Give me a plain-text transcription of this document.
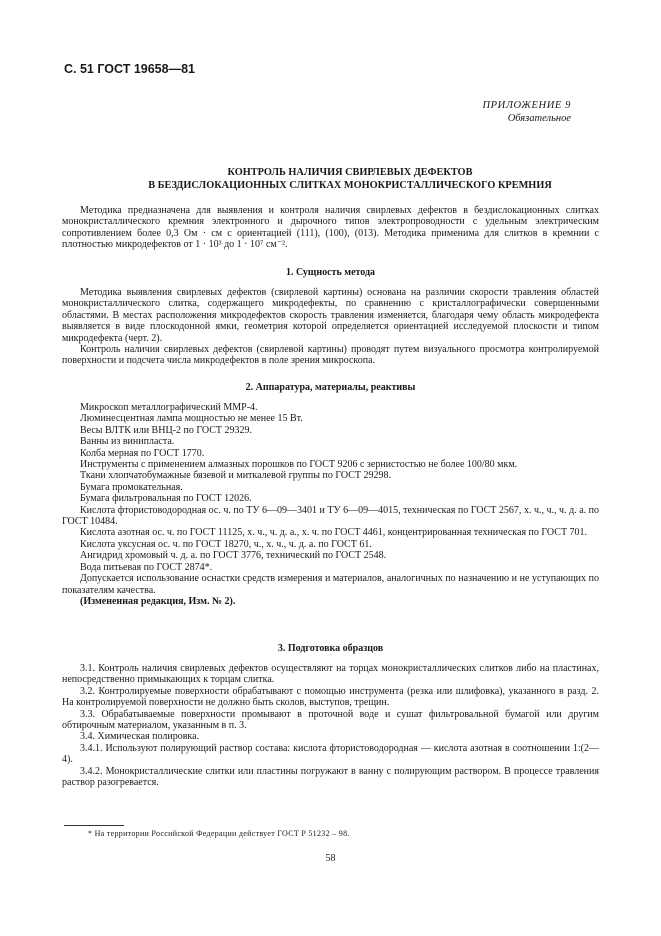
С. 51 ГОСТ 19658—81
ПРИЛОЖЕНИЕ 9
Обязательное
КОНТРОЛЬ НАЛИЧИЯ СВИРЛЕВЫХ ДЕФЕКТОВ
В БЕЗДИСЛОКАЦИОННЫХ СЛИТКАХ МОНОКРИСТАЛЛИЧЕСКОГО КРЕМНИЯ

Методика предназначена для выявления и контроля наличия свирлевых дефектов в бездислокационных слитках монокристаллического кремния электронного и дырочного типов электропроводности с удельным электрическим сопротивлением более 0,3 Ом · см с ориентацией (111), (100), (013). Методика применима для слитков в кремнии с плотностью микродефектов от 1 · 10³ до 1 · 10⁷ см⁻².

1. Сущность метода

Методика выявления свирлевых дефектов (свирлевой картины) основана на различии скорости травления областей монокристаллического слитка, содержащего микродефекты, по сравнению с кристаллографически совершенными областями. В местах расположения микродефектов скорость травления изменяется, благодаря чему область микродефекта выявляется в виде плоскодонной ямки, геометрия которой определяется ориентацией исследуемой плоскости и типом микродефекта (черт. 2).

Контроль наличия свирлевых дефектов (свирлевой картины) проводят путем визуального просмотра контролируемой поверхности и подсчета числа микродефектов в поле зрения микроскопа.

2. Аппаратура, материалы, реактивы

Микроскоп металлографический ММР-4.

Люминесцентная лампа мощностью не менее 15 Вт.

Весы ВЛТК или ВНЦ-2 по ГОСТ 29329.

Ванны из винипласта.

Колба мерная по ГОСТ 1770.

Инструменты с применением алмазных порошков по ГОСТ 9206 с зернистостью не более 100/80 мкм.

Ткани хлопчатобумажные бязевой и миткалевой группы по ГОСТ 29298.

Бумага промокательная.

Бумага фильтровальная по ГОСТ 12026.

Кислота фтористоводородная ос. ч. по ТУ 6—09—3401 и ТУ 6—09—4015, техническая по ГОСТ 2567, х. ч., ч., ч. д. а. по ГОСТ 10484.

Кислота азотная ос. ч. по ГОСТ 11125, х. ч., ч. д. а., х. ч. по ГОСТ 4461, концентрированная техническая по ГОСТ 701.

Кислота уксусная ос. ч. по ГОСТ 18270, ч., х. ч., ч. д. а. по ГОСТ 61.

Ангидрид хромовый ч. д. а. по ГОСТ 3776, технический по ГОСТ 2548.

Вода питьевая по ГОСТ 2874*.

Допускается использование оснастки средств измерения и материалов, аналогичных по назначению и не уступающих по показателям качества.

(Измененная редакция, Изм. № 2).

3. Подготовка образцов

3.1. Контроль наличия свирлевых дефектов осуществляют на торцах монокристаллических слитков либо на пластинах, непосредственно примыкающих к торцам слитка.

3.2. Контролируемые поверхности обрабатывают с помощью инструмента (резка или шлифовка), указанного в разд. 2. На контролируемой поверхности не должно быть сколов, выступов, трещин.

3.3. Обрабатываемые поверхности промывают в проточной воде и сушат фильтровальной бумагой или другим обтирочным материалом, указанным в п. 3.

3.4. Химическая полировка.

3.4.1. Используют полирующий раствор состава: кислота фтористоводородная — кислота азотная в соотношении 1:(2—4).

3.4.2. Монокристаллические слитки или пластины погружают в ванну с полирующим раствором. В процессе травления раствор разогревается.

* На территории Российской Федерации действует ГОСТ Р 51232 – 98.
58
